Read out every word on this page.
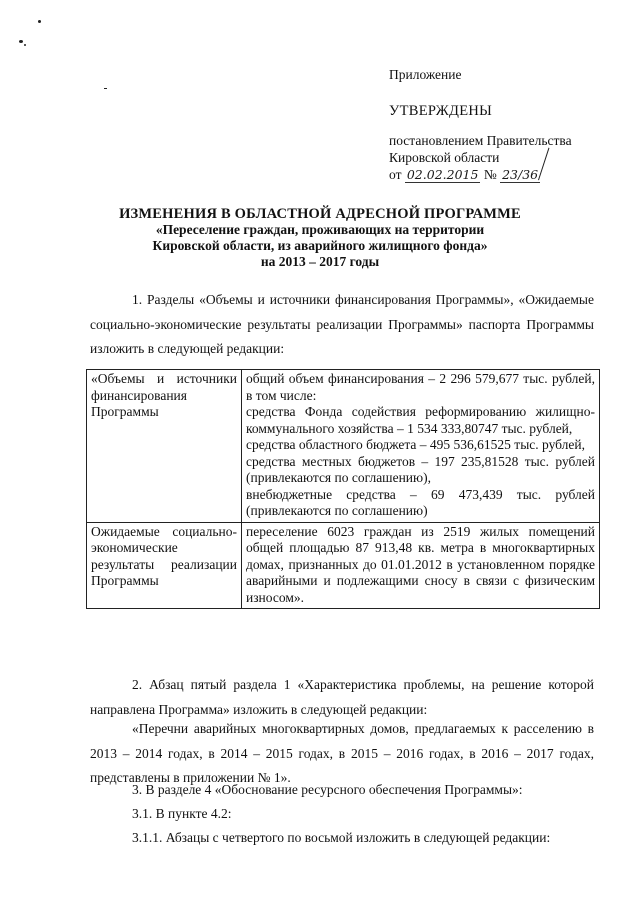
Приложение
УТВЕРЖДЕНЫ
постановлением Правительства
Кировской области
от 02.02.2015 № 23/36
ИЗМЕНЕНИЯ В ОБЛАСТНОЙ АДРЕСНОЙ ПРОГРАММЕ
«Переселение граждан, проживающих на территории
Кировской области, из аварийного жилищного фонда»
на 2013 – 2017 годы
1. Разделы «Объемы и источники финансирования Программы», «Ожидаемые социально-экономические результаты реализации Программы» паспорта Программы изложить в следующей редакции:
«Объемы и источники финансирования Программы	общий объем финансирования – 2 296 579,677 тыс. рублей, в том числе:
средства Фонда содействия реформированию жилищно-коммунального хозяйства – 1 534 333,80747 тыс. рублей,
средства областного бюджета – 495 536,61525 тыс. рублей,
средства местных бюджетов – 197 235,81528 тыс. рублей (привлекаются по соглашению),
внебюджетные средства – 69 473,439 тыс. рублей (привлекаются по соглашению)

Ожидаемые социально-экономические результаты реализации Программы	переселение 6023 граждан из 2519 жилых помещений общей площадью 87 913,48 кв. метра в многоквартирных домах, признанных до 01.01.2012 в установленном порядке аварийными и подлежащими сносу в связи с физическим износом».
2. Абзац пятый раздела 1 «Характеристика проблемы, на решение которой направлена Программа» изложить в следующей редакции:
«Перечни аварийных многоквартирных домов, предлагаемых к расселению в 2013 – 2014 годах, в 2014 – 2015 годах, в 2015 – 2016 годах, в 2016 – 2017 годах, представлены в приложении № 1».
3. В разделе 4 «Обоснование ресурсного обеспечения Программы»:
3.1. В пункте 4.2:
3.1.1. Абзацы с четвертого по восьмой изложить в следующей редакции:
